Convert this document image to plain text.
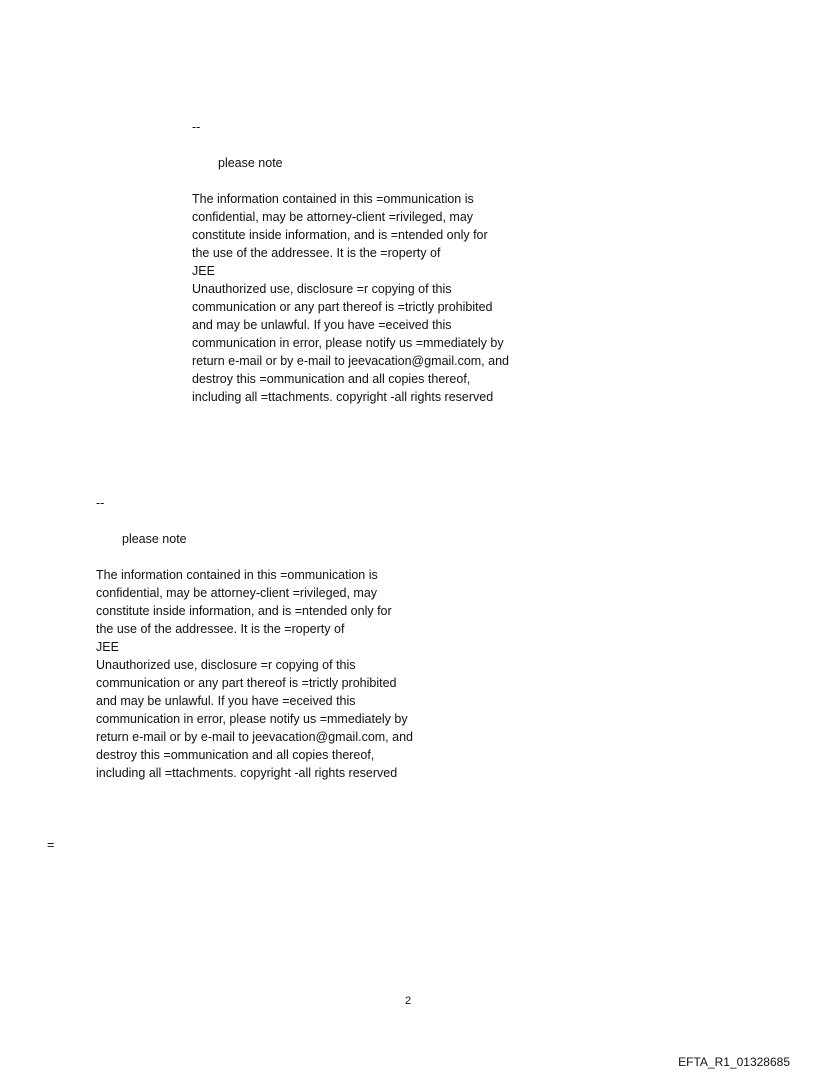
--
please note
The information contained in this =ommunication is
confidential, may be attorney-client =rivileged, may
constitute inside information, and is =ntended only for
the use of the addressee. It is the =roperty of
JEE
Unauthorized use, disclosure =r copying of this
communication or any part thereof is =trictly prohibited
and may be unlawful. If you have =eceived this
communication in error, please notify us =mmediately by
return e-mail or by e-mail to jeevacation@gmail.com, and
destroy this =ommunication and all copies thereof,
including all =ttachments. copyright -all rights reserved
--
please note
The information contained in this =ommunication is
confidential, may be attorney-client =rivileged, may
constitute inside information, and is =ntended only for
the use of the addressee. It is the =roperty of
JEE
Unauthorized use, disclosure =r copying of this
communication or any part thereof is =trictly prohibited
and may be unlawful. If you have =eceived this
communication in error, please notify us =mmediately by
return e-mail or by e-mail to jeevacation@gmail.com, and
destroy this =ommunication and all copies thereof,
including all =ttachments. copyright -all rights reserved
=
2
EFTA_R1_01328685
